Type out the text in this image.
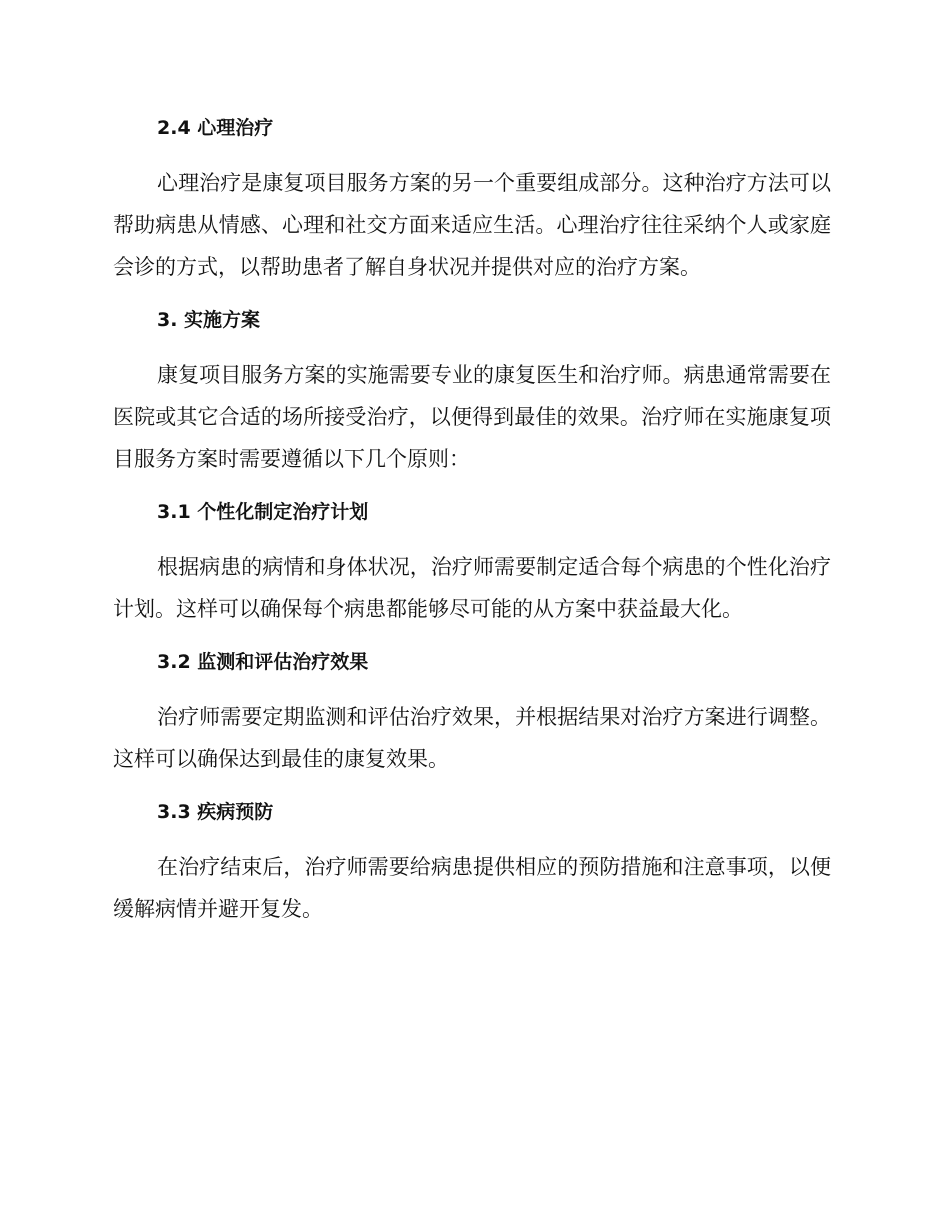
2.4 心理治疗

心理治疗是康复项目服务方案的另一个重要组成部分。这种治疗方法可以帮助病患从情感、心理和社交方面来适应生活。心理治疗往往采纳个人或家庭会诊的方式，以帮助患者了解自身状况并提供对应的治疗方案。

3. 实施方案

康复项目服务方案的实施需要专业的康复医生和治疗师。病患通常需要在医院或其它合适的场所接受治疗，以便得到最佳的效果。治疗师在实施康复项目服务方案时需要遵循以下几个原则：

3.1 个性化制定治疗计划

根据病患的病情和身体状况，治疗师需要制定适合每个病患的个性化治疗计划。这样可以确保每个病患都能够尽可能的从方案中获益最大化。

3.2 监测和评估治疗效果

治疗师需要定期监测和评估治疗效果，并根据结果对治疗方案进行调整。这样可以确保达到最佳的康复效果。

3.3 疾病预防

在治疗结束后，治疗师需要给病患提供相应的预防措施和注意事项，以便缓解病情并避开复发。
